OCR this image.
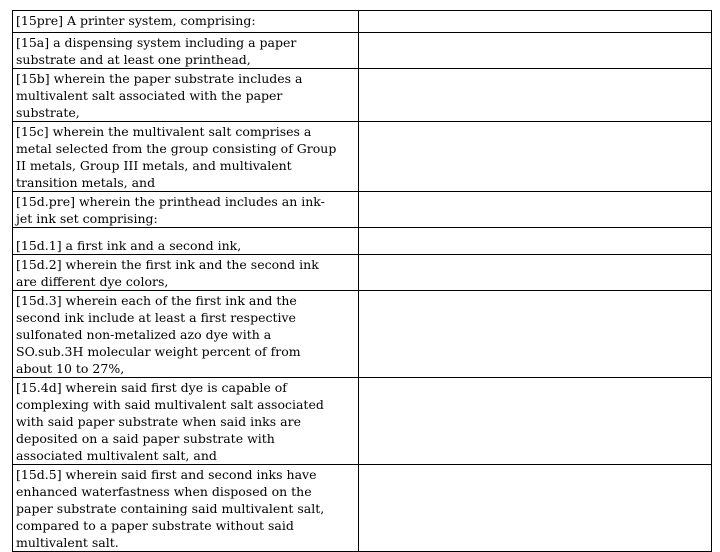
[15pre] A printer system, comprising:	
[15a] a dispensing system including a paper
substrate and at least one printhead,	
[15b] wherein the paper substrate includes a
multivalent salt associated with the paper
substrate,	
[15c] wherein the multivalent salt comprises a
metal selected from the group consisting of Group
II metals, Group III metals, and multivalent
transition metals, and	
[15d.pre] wherein the printhead includes an ink-
jet ink set comprising:	
[15d.1] a first ink and a second ink,	
[15d.2] wherein the first ink and the second ink
are different dye colors,	
[15d.3] wherein each of the first ink and the
second ink include at least a first respective
sulfonated non-metalized azo dye with a
SO.sub.3H molecular weight percent of from
about 10 to 27%,	
[15.4d] wherein said first dye is capable of
complexing with said multivalent salt associated
with said paper substrate when said inks are
deposited on a said paper substrate with
associated multivalent salt, and	
[15d.5] wherein said first and second inks have
enhanced waterfastness when disposed on the
paper substrate containing said multivalent salt,
compared to a paper substrate without said
multivalent salt.	
